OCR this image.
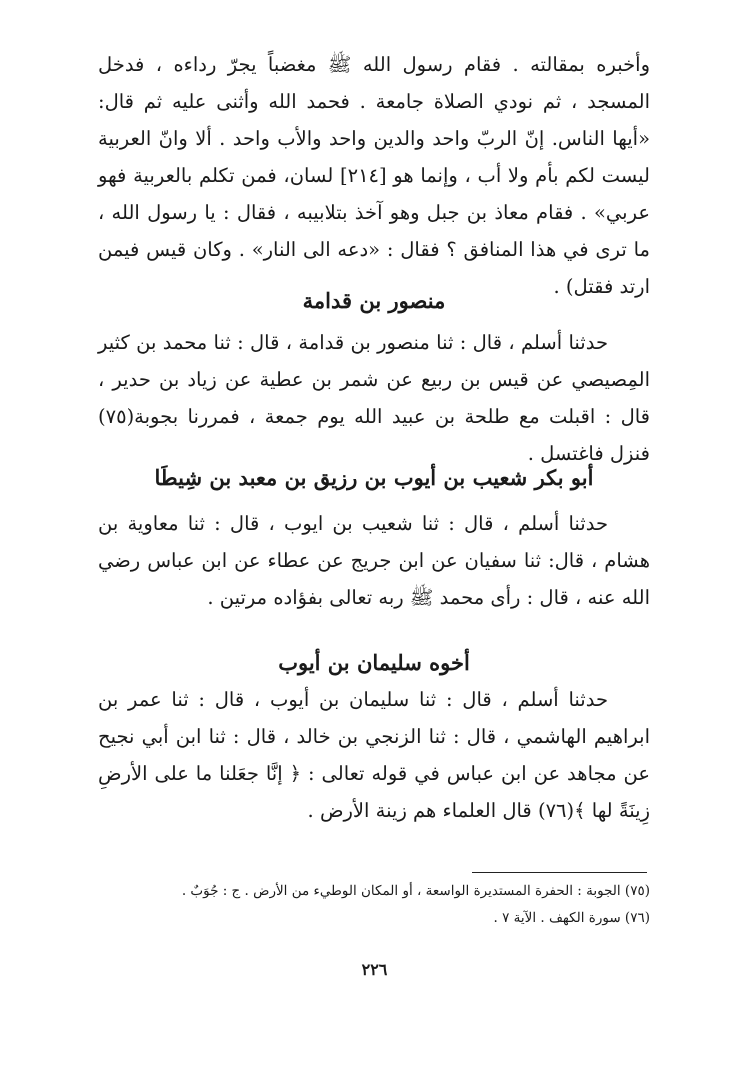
وأخبره بمقالته . فقام رسول الله ﷺ مغضباً يجرّ رداءه ، فدخل المسجد ، ثم نودي الصلاة جامعة . فحمد الله وأثنى عليه ثم قال: «أيها الناس. إنّ الربّ واحد والدين واحد والأب واحد . ألا وانّ العربية ليست لكم بأم ولا أب ، وإنما هو [٢١٤] لسان، فمن تكلم بالعربية فهو عربي» . فقام معاذ بن جبل وهو آخذ بتلابيبه ، فقال : يا رسول الله ، ما ترى في هذا المنافق ؟ فقال : «دعه الى النار» . وكان قيس فيمن ارتد فقتل) .

منصور بن قدامة

حدثنا أسلم ، قال : ثنا منصور بن قدامة ، قال : ثنا محمد بن كثير المِصيصي عن قيس بن ربيع عن شمر بن عطية عن زياد بن حدير ، قال : اقبلت مع طلحة بن عبيد الله يوم جمعة ، فمررنا بجوبة(٧٥) فنزل فاغتسل .

أبو بكر شعيب بن أيوب بن رزيق بن معبد بن شِيطَا

حدثنا أسلم ، قال : ثنا شعيب بن ايوب ، قال : ثنا معاوية بن هشام ، قال: ثنا سفيان عن ابن جريج عن عطاء عن ابن عباس رضي الله عنه ، قال : رأى محمد ﷺ ربه تعالى بفؤاده مرتين .

أخوه سليمان بن أيوب

حدثنا أسلم ، قال : ثنا سليمان بن أيوب ، قال : ثنا عمر بن ابراهيم الهاشمي ، قال : ثنا الزنجي بن خالد ، قال : ثنا ابن أبي نجيح عن مجاهد عن ابن عباس في قوله تعالى : ﴿ إنَّا جعَلنا ما على الأرضِ زِينَةً لها ﴾(٧٦) قال العلماء هم زينة الأرض .

(٧٥) الجوبة : الحفرة المستديرة الواسعة ، أو المكان الوطيء من الأرض . ج : جُوَبٌ .

(٧٦) سورة الكهف . الآية ٧ .

٢٢٦
